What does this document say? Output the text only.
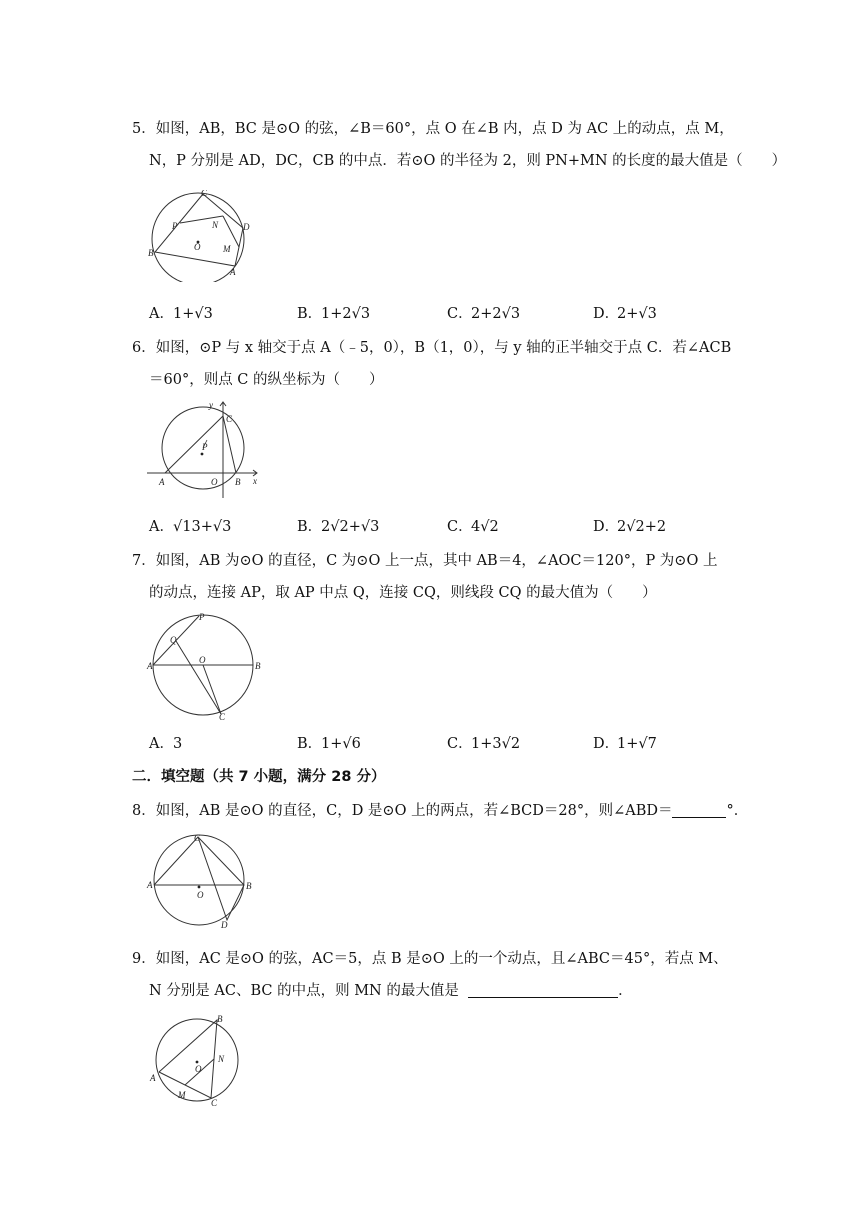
5．如图，AB，BC 是⊙O 的弦，∠B＝60°，点 O 在∠B 内，点 D 为 AC 上的动点，点 M，
N，P 分别是 AD，DC，CB 的中点．若⊙O 的半径为 2，则 PN+MN 的长度的最大值是（　　）
C
P	N	D
O	M
B
A
A．1+√3	B．1+2√3	C．2+2√3	D．2+√3
6．如图，⊙P 与 x 轴交于点 A（﹣5，0），B（1，0），与 y 轴的正半轴交于点 C．若∠ACB
＝60°，则点 C 的纵坐标为（　　）
y
C
P
A	O B x
A．√13+√3	B．2√2+√3	C．4√2	D．2√2+2
7．如图，AB 为⊙O 的直径，C 为⊙O 上一点，其中 AB＝4，∠AOC＝120°，P 为⊙O 上
的动点，连接 AP，取 AP 中点 Q，连接 CQ，则线段 CQ 的最大值为（　　）
P
Q
O
A	B
C
A．3	B．1+√6	C．1+3√2	D．1+√7
二．填空题（共 7 小题，满分 28 分）
8．如图，AB 是⊙O 的直径，C，D 是⊙O 上的两点，若∠BCD＝28°，则∠ABD＝	°．
C
A
O
B
D
9．如图，AC 是⊙O 的弦，AC＝5，点 B 是⊙O 上的一个动点，且∠ABC＝45°，若点 M、
N 分别是 AC、BC 的中点，则 MN 的最大值是	．
B
N
O
A
M
C
